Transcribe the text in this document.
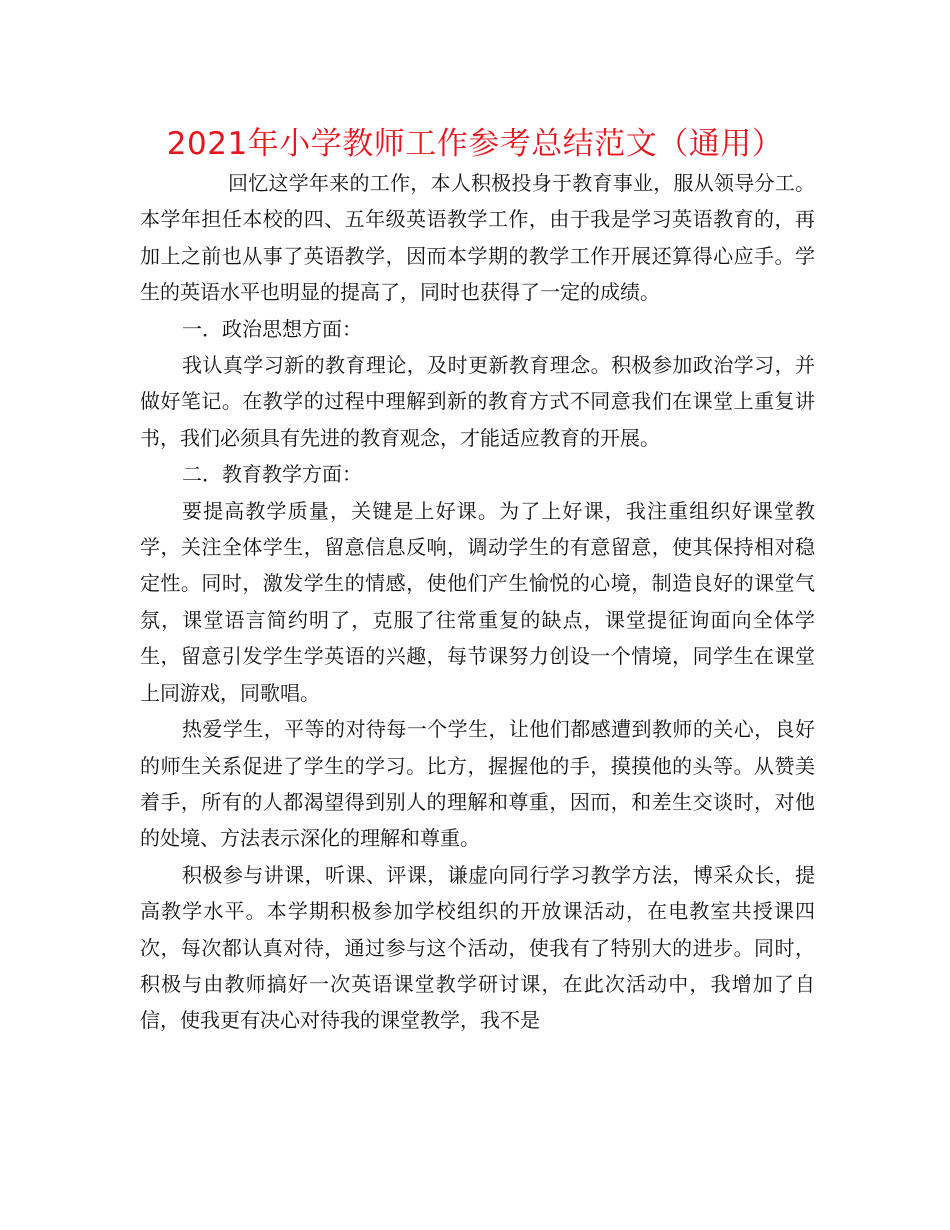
2021年小学教师工作参考总结范文（通用）

回忆这学年来的工作，本人积极投身于教育事业，服从领导分工。本学年担任本校的四、五年级英语教学工作，由于我是学习英语教育的，再加上之前也从事了英语教学，因而本学期的教学工作开展还算得心应手。学生的英语水平也明显的提高了，同时也获得了一定的成绩。

一．政治思想方面：

我认真学习新的教育理论，及时更新教育理念。积极参加政治学习，并做好笔记。在教学的过程中理解到新的教育方式不同意我们在课堂上重复讲书，我们必须具有先进的教育观念，才能适应教育的开展。

二．教育教学方面：

要提高教学质量，关键是上好课。为了上好课，我注重组织好课堂教学，关注全体学生，留意信息反响，调动学生的有意留意，使其保持相对稳定性。同时，激发学生的情感，使他们产生愉悦的心境，制造良好的课堂气氛，课堂语言简约明了，克服了往常重复的缺点，课堂提征询面向全体学生，留意引发学生学英语的兴趣，每节课努力创设一个情境，同学生在课堂上同游戏，同歌唱。

热爱学生，平等的对待每一个学生，让他们都感遭到教师的关心，良好的师生关系促进了学生的学习。比方，握握他的手，摸摸他的头等。从赞美着手，所有的人都渴望得到别人的理解和尊重，因而，和差生交谈时，对他的处境、方法表示深化的理解和尊重。

积极参与讲课，听课、评课，谦虚向同行学习教学方法，博采众长，提高教学水平。本学期积极参加学校组织的开放课活动，在电教室共授课四次，每次都认真对待，通过参与这个活动，使我有了特别大的进步。同时，积极与由教师搞好一次英语课堂教学研讨课，在此次活动中，我增加了自信，使我更有决心对待我的课堂教学，我不是
